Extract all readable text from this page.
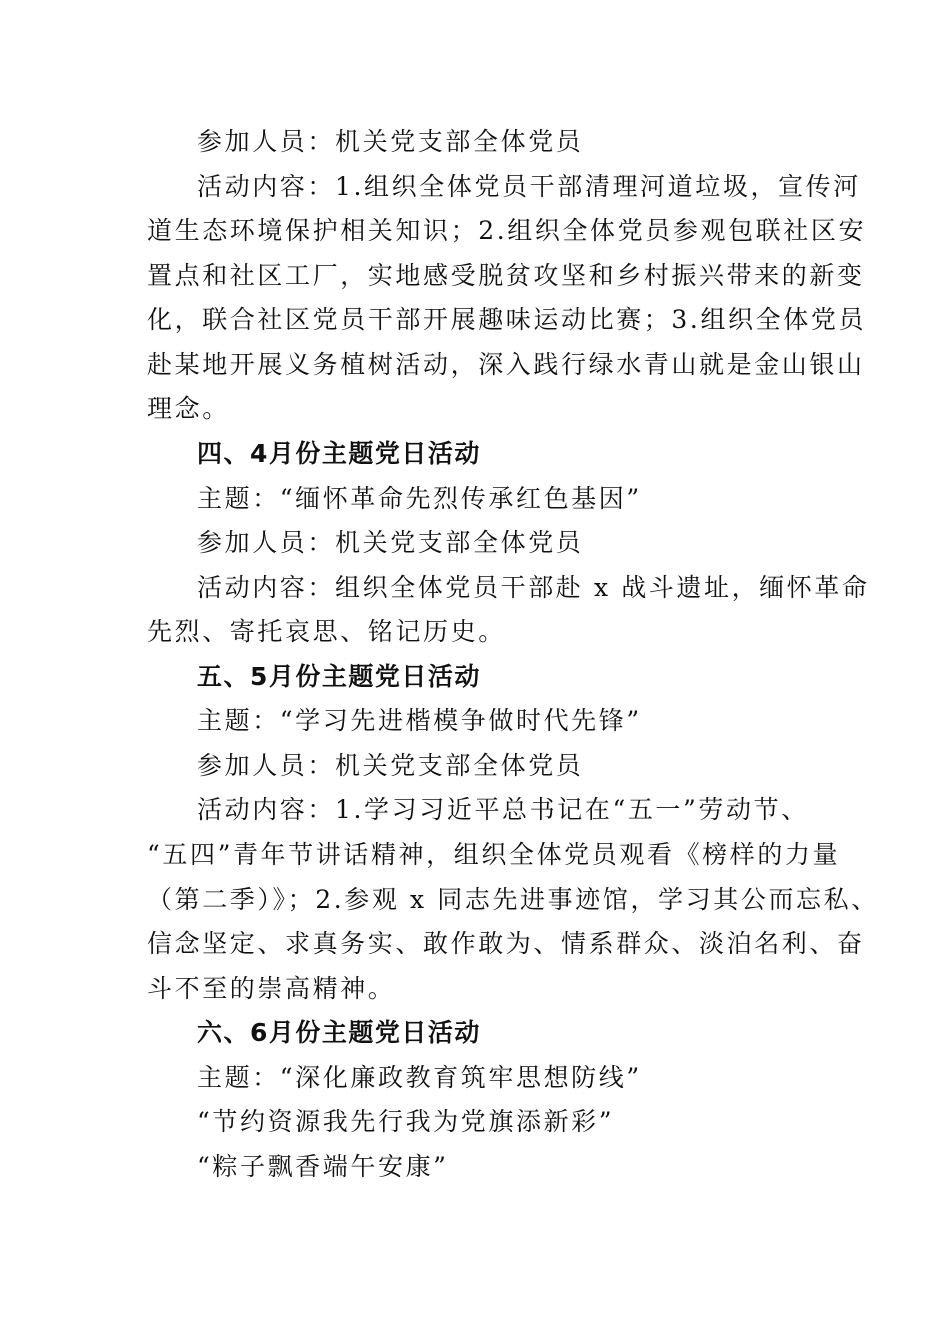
参加人员：机关党支部全体党员
活动内容：1.组织全体党员干部清理河道垃圾，宣传河
道生态环境保护相关知识；2.组织全体党员参观包联社区安
置点和社区工厂，实地感受脱贫攻坚和乡村振兴带来的新变
化，联合社区党员干部开展趣味运动比赛；3.组织全体党员
赴某地开展义务植树活动，深入践行绿水青山就是金山银山
理念。
四、4月份主题党日活动
主题：“缅怀革命先烈传承红色基因”
参加人员：机关党支部全体党员
活动内容：组织全体党员干部赴 x 战斗遗址，缅怀革命
先烈、寄托哀思、铭记历史。
五、5月份主题党日活动
主题：“学习先进楷模争做时代先锋”
参加人员：机关党支部全体党员
活动内容：1.学习习近平总书记在“五一”劳动节、
“五四”青年节讲话精神，组织全体党员观看《榜样的力量
（第二季）》；2.参观 x 同志先进事迹馆，学习其公而忘私、
信念坚定、求真务实、敢作敢为、情系群众、淡泊名利、奋
斗不至的崇高精神。
六、6月份主题党日活动
主题：“深化廉政教育筑牢思想防线”
“节约资源我先行我为党旗添新彩”
“粽子飘香端午安康”
